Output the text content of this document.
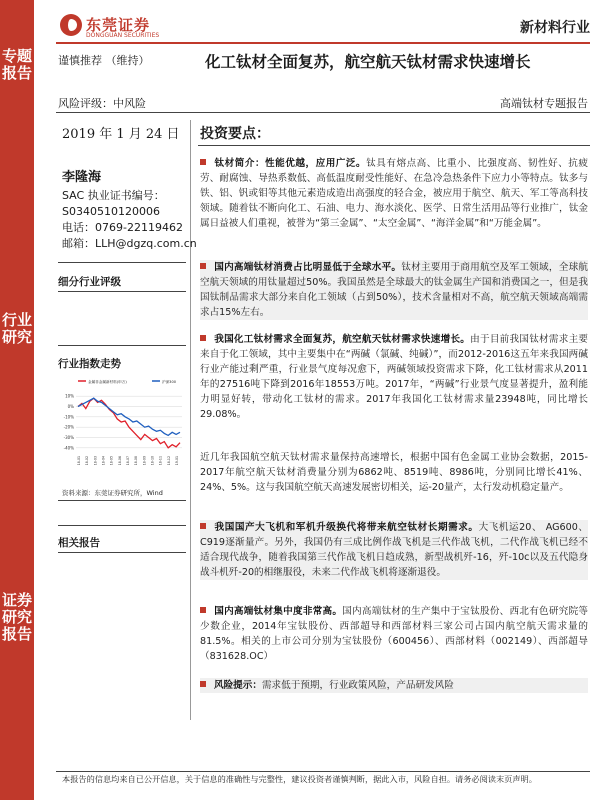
专题
报告
行业
研究
证券
研究
报告
东莞证券
DONGGUAN SECURITIES	新材料行业
谨慎推荐 （维持）	化工钛材全面复苏，航空航天钛材需求快速增长
风险评级：中风险	高端钛材专题报告
2019 年 1 月 24 日 投资要点：
李隆海
SAC 执业证书编号：
S0340510120006
电话：0769-22119462
邮箱：LLH@dgzq.com.cn
细分行业评级
行业指数走势
金属非金属新材料(申万)	沪深300
10%
0%
-10%
-20%
-30%
-40%
18-01 18-02 18-03 18-04 18-05 18-06 18-07 18-08 18-09 18-10 18-11 18-12 19-01
资料来源：东莞证券研究所，Wind
相关报告
钛材简介：性能优越，应用广泛。钛具有熔点高、比重小、比强度高、韧性好、抗疲劳、耐腐蚀、导热系数低、高低温度耐受性能好、在急冷急热条件下应力小等特点。钛多与铁、铝、钒或钼等其他元素造成造出高强度的轻合金，被应用于航空、航天、军工等高科技领域。随着钛不断向化工、石油、电力、海水淡化、医学、日常生活用品等行业推广，钛金属日益被人们重视，被誉为“第三金属”、“太空金属”、“海洋金属”和“万能金属”。
国内高端钛材消费占比明显低于全球水平。钛材主要用于商用航空及军工领域，全球航空航天领域的用钛量超过50%。我国虽然是全球最大的钛金属生产国和消费国之一，但是我国钛制品需求大部分来自化工领域（占到50%），技术含量相对不高，航空航天领域高端需求占15%左右。
我国化工钛材需求全面复苏，航空航天钛材需求快速增长。由于目前我国钛材需求主要来自于化工领域，其中主要集中在“两碱（氯碱、纯碱）”，而2012-2016这五年来我国两碱行业产能过剩严重，行业景气度每况愈下，两碱领域投资需求下降，化工钛材需求从2011年的27516吨下降到2016年18553万吨。2017年，“两碱”行业景气度显著提升，盈利能力明显好转，带动化工钛材的需求。2017年我国化工钛材需求量23948吨，同比增长29.08%。
近几年我国航空航天钛材需求量保持高速增长，根据中国有色金属工业协会数据，2015-2017年航空航天钛材消费量分别为6862吨、8519吨、8986吨，分别同比增长41%、24%、5%。这与我国航空航天高速发展密切相关，运-20量产，太行发动机稳定量产。
我国国产大飞机和军机升级换代将带来航空钛材长期需求。大飞机运20、 AG600、 C919逐渐量产。另外，我国仍有三成比例作战飞机是三代作战飞机，二代作战飞机已经不适合现代战争，随着我国第三代作战飞机日趋成熟，新型战机歼-16，歼-10c以及五代隐身战斗机歼-20的相继服役，未来二代作战飞机将逐渐退役。
国内高端钛材集中度非常高。国内高端钛材的生产集中于宝钛股份、西北有色研究院等少数企业，2014年宝钛股份、西部超导和西部材料三家公司占国内航空航天需求量的81.5%。相关的上市公司分别为宝钛股份（600456）、西部材料（002149）、西部超导（831628.OC）
风险提示：需求低于预期，行业政策风险，产品研发风险
本报告的信息均来自已公开信息，关于信息的准确性与完整性，建议投资者谨慎判断，据此入市，风险自担。请务必阅读末页声明。
